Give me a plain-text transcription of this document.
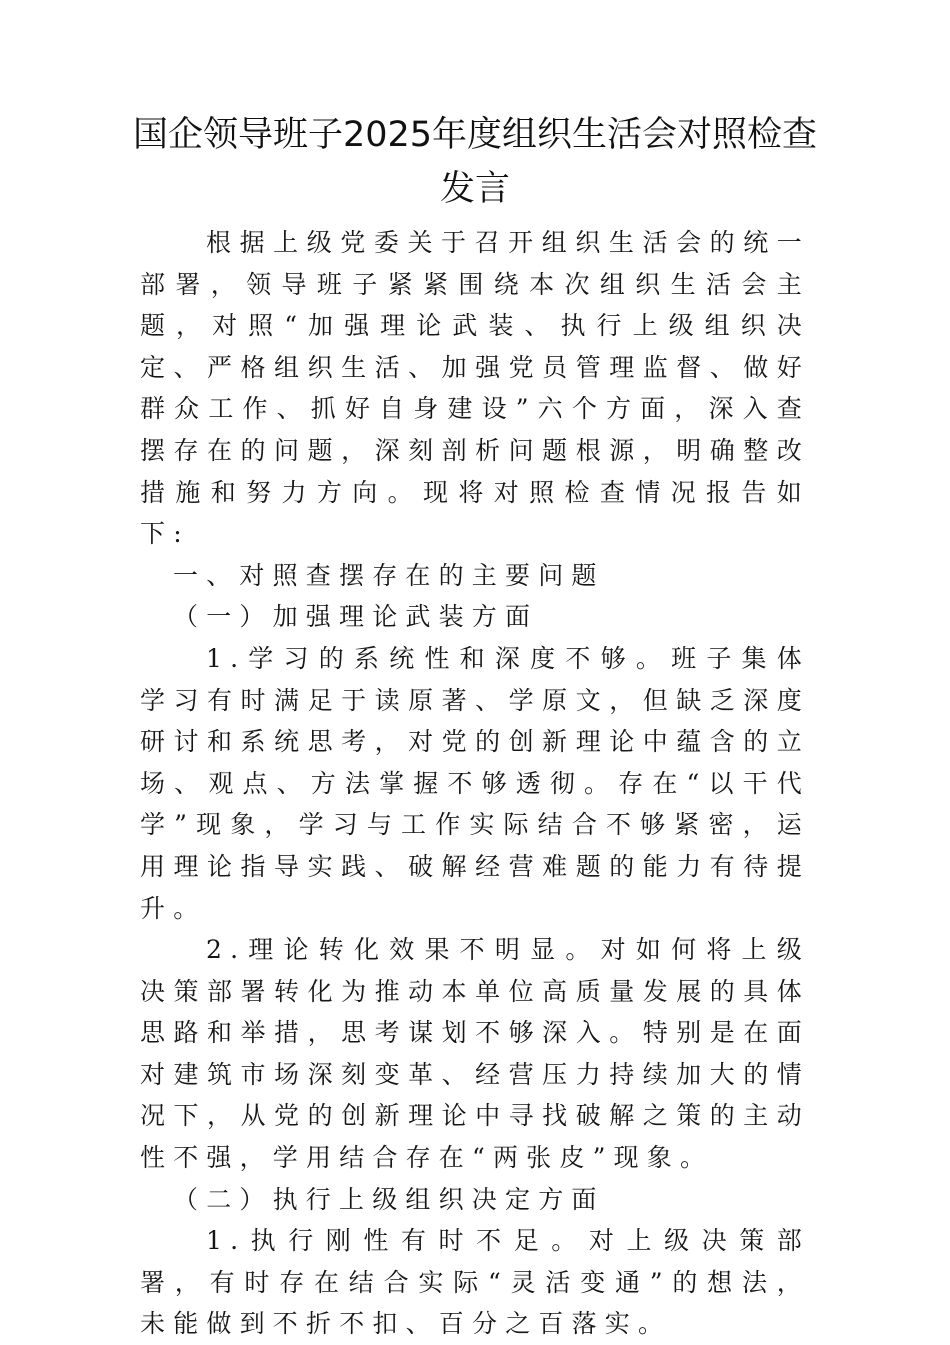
国企领导班子2025年度组织生活会对照检查发言

根据上级党委关于召开组织生活会的统一部署，领导班子紧紧围绕本次组织生活会主题，对照“加强理论武装、执行上级组织决定、严格组织生活、加强党员管理监督、做好群众工作、抓好自身建设”六个方面，深入查摆存在的问题，深刻剖析问题根源，明确整改措施和努力方向。现将对照检查情况报告如下:

一、对照查摆存在的主要问题

（一）加强理论武装方面

1.学习的系统性和深度不够。班子集体学习有时满足于读原著、学原文，但缺乏深度研讨和系统思考，对党的创新理论中蕴含的立场、观点、方法掌握不够透彻。存在“以干代学”现象，学习与工作实际结合不够紧密，运用理论指导实践、破解经营难题的能力有待提升。

2.理论转化效果不明显。对如何将上级决策部署转化为推动本单位高质量发展的具体思路和举措，思考谋划不够深入。特别是在面对建筑市场深刻变革、经营压力持续加大的情况下，从党的创新理论中寻找破解之策的主动性不强，学用结合存在“两张皮”现象。

（二）执行上级组织决定方面

1.执行刚性有时不足。对上级决策部署，有时存在结合实际“灵活变通”的想法，未能做到不折不扣、百分之百落实。
